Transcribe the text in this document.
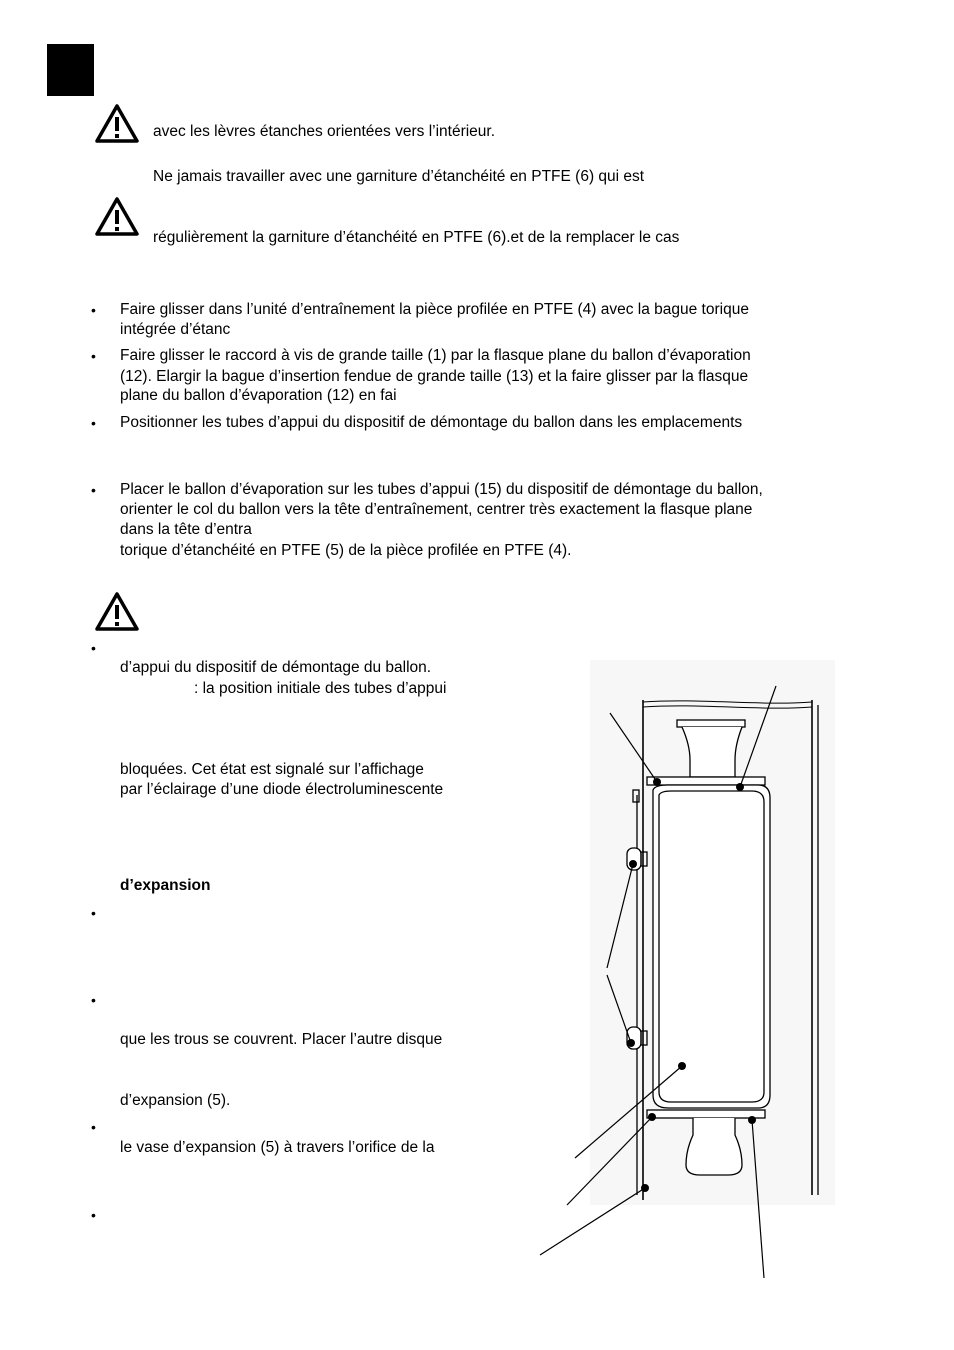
avec les lèvres étanches orientées vers l’intérieur.
Ne jamais travailler avec une garniture d’étanchéité en PTFE (6) qui est
régulièrement la garniture d’étanchéité en PTFE (6).et de la remplacer le cas
• Faire glisser dans l’unité d’entraînement la pièce profilée en PTFE (4) avec la bague torique
intégrée d’étanc
• Faire glisser le raccord à vis de grande taille (1) par la flasque plane du ballon d’évaporation
(12). Elargir la bague d’insertion fendue de grande taille (13) et la faire glisser par la flasque
plane du ballon d’évaporation (12) en fai
• Positionner les tubes d’appui du dispositif de démontage du ballon dans les emplacements
• Placer le ballon d’évaporation sur les tubes d’appui (15) du dispositif de démontage du ballon,
orienter le col du ballon vers la tête d’entraînement, centrer très exactement la flasque plane
dans la tête d’entra
torique d’étanchéité en PTFE (5) de la pièce profilée en PTFE (4).
•
d’appui du dispositif de démontage du ballon.
: la position initiale des tubes d’appui
bloquées. Cet état est signalé sur l’affichage
par l’éclairage d’une diode électroluminescente
d’expansion
•
•
que les trous se couvrent. Placer l’autre disque
d’expansion (5).
•
le vase d’expansion (5) à travers l’orifice de la
•
